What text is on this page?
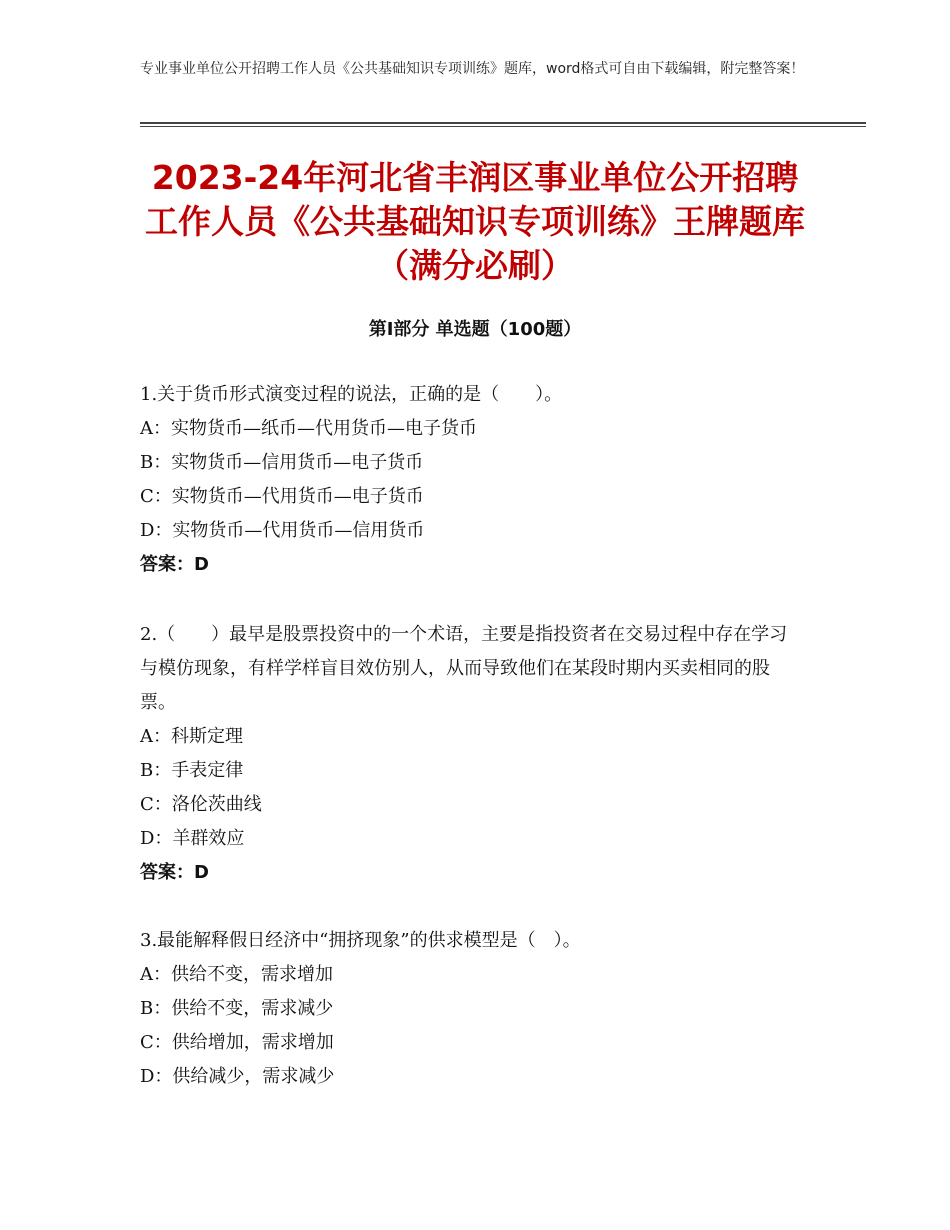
专业事业单位公开招聘工作人员《公共基础知识专项训练》题库，word格式可自由下载编辑，附完整答案！
2023-24年河北省丰润区事业单位公开招聘工作人员《公共基础知识专项训练》王牌题库（满分必刷）
第Ⅰ部分 单选题（100题）
1.关于货币形式演变过程的说法，正确的是（　　）。
A：实物货币—纸币—代用货币—电子货币
B：实物货币—信用货币—电子货币
C：实物货币—代用货币—电子货币
D：实物货币—代用货币—信用货币
答案：D
2.（　　）最早是股票投资中的一个术语，主要是指投资者在交易过程中存在学习与模仿现象，有样学样盲目效仿别人，从而导致他们在某段时期内买卖相同的股票。
A：科斯定理
B：手表定律
C：洛伦茨曲线
D：羊群效应
答案：D
3.最能解释假日经济中“拥挤现象”的供求模型是（　）。
A：供给不变，需求增加
B：供给不变，需求减少
C：供给增加，需求增加
D：供给减少，需求减少
